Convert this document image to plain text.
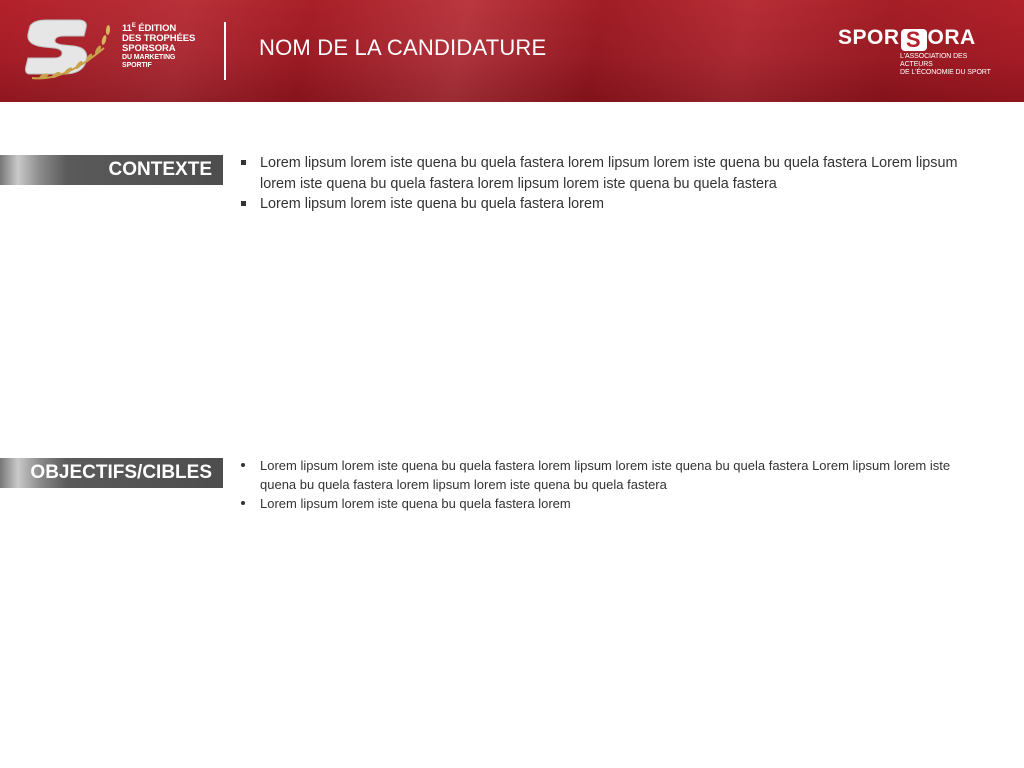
$11^E$ ÉDITION
DES TROPHÉES
SPORSORA
DU MARKETING
SPORTIF
NOM DE LA CANDIDATURE	SPOR S ORA
L'ASSOCIATION DES ACTEURS
DE L'ÉCONOMIE DU SPORT
CONTEXTE	Lorem lipsum lorem iste quena bu quela fastera lorem lipsum lorem iste quena bu quela fastera Lorem lipsum lorem iste quena bu quela fastera lorem lipsum lorem iste quena bu quela fastera
Lorem lipsum lorem iste quena bu quela fastera lorem
OBJECTIFS/CIBLES	Lorem lipsum lorem iste quena bu quela fastera lorem lipsum lorem iste quena bu quela fastera Lorem lipsum lorem iste quena bu quela fastera lorem lipsum lorem iste quena bu quela fastera
Lorem lipsum lorem iste quena bu quela fastera lorem
